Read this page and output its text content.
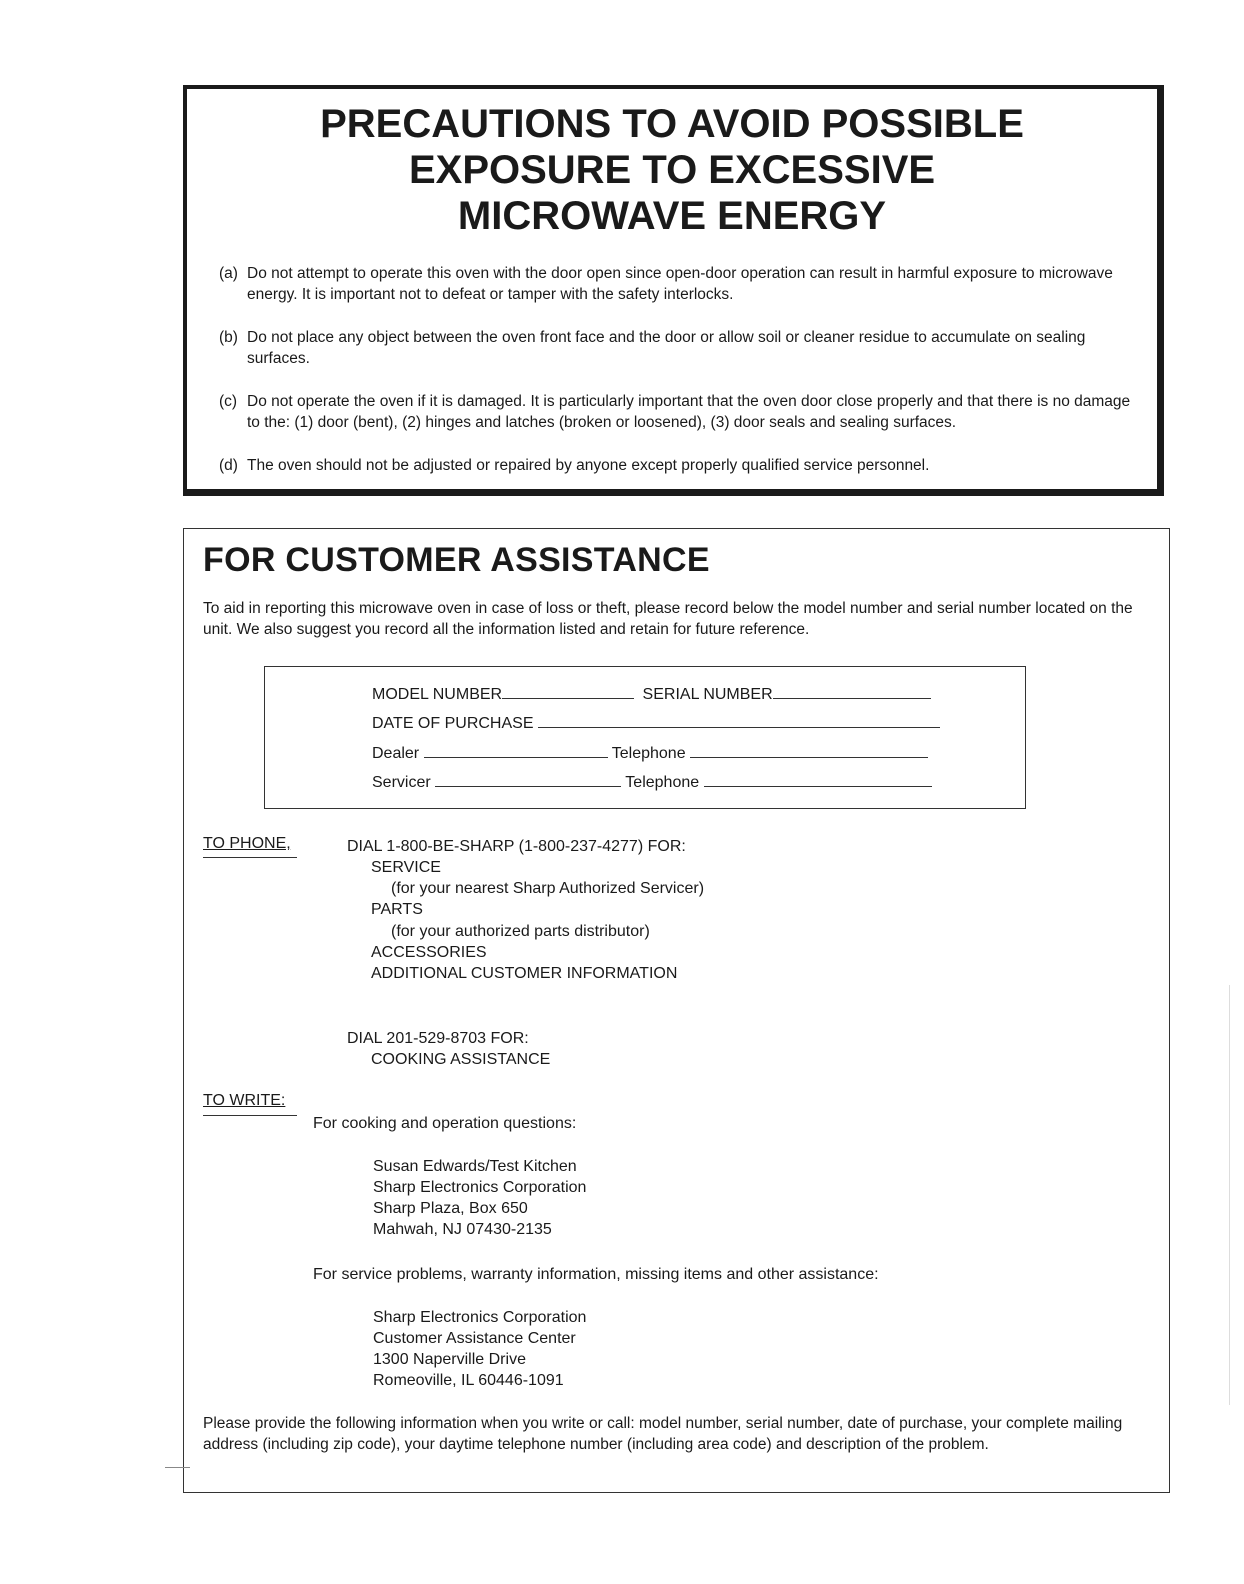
PRECAUTIONS TO AVOID POSSIBLE
EXPOSURE TO EXCESSIVE
MICROWAVE ENERGY
(a) Do not attempt to operate this oven with the door open since open-door operation can result in harmful exposure to microwave energy. It is important not to defeat or tamper with the safety interlocks.
(b) Do not place any object between the oven front face and the door or allow soil or cleaner residue to accumulate on sealing surfaces.
(c) Do not operate the oven if it is damaged. It is particularly important that the oven door close properly and that there is no damage to the: (1) door (bent), (2) hinges and latches (broken or loosened), (3) door seals and sealing surfaces.
(d) The oven should not be adjusted or repaired by anyone except properly qualified service personnel.
FOR CUSTOMER ASSISTANCE
To aid in reporting this microwave oven in case of loss or theft, please record below the model number and serial number located on the unit. We also suggest you record all the information listed and retain for future reference.
MODEL NUMBER	SERIAL NUMBER
DATE OF PURCHASE
Dealer	Telephone
Servicer	Telephone
TO PHONE,	DIAL 1-800-BE-SHARP (1-800-237-4277) FOR:
SERVICE
(for your nearest Sharp Authorized Servicer)
PARTS
(for your authorized parts distributor)
ACCESSORIES
ADDITIONAL CUSTOMER INFORMATION
DIAL 201-529-8703 FOR:
COOKING ASSISTANCE
TO WRITE:
For cooking and operation questions:
Susan Edwards/Test Kitchen
Sharp Electronics Corporation
Sharp Plaza, Box 650
Mahwah, NJ 07430-2135
For service problems, warranty information, missing items and other assistance:
Sharp Electronics Corporation
Customer Assistance Center
1300 Naperville Drive
Romeoville, IL 60446-1091
Please provide the following information when you write or call: model number, serial number, date of purchase, your complete mailing address (including zip code), your daytime telephone number (including area code) and description of the problem.
